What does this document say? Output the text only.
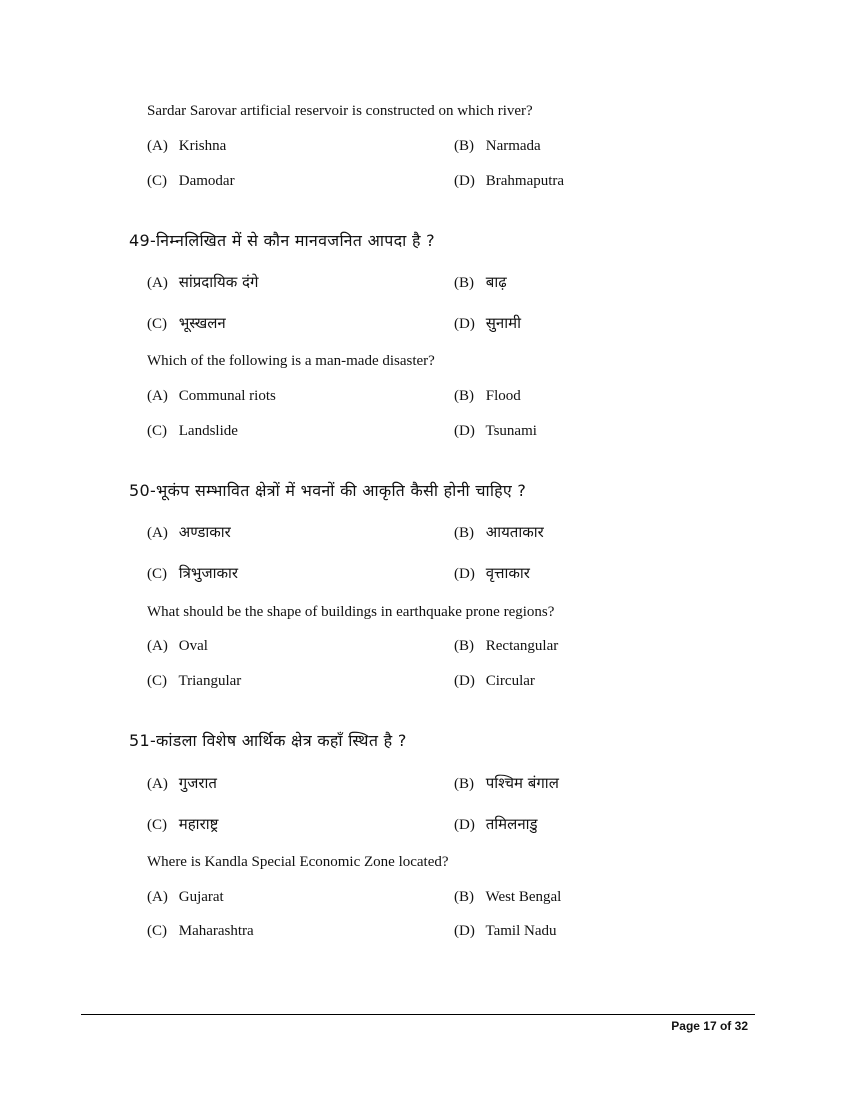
Sardar Sarovar artificial reservoir is constructed on which river?
(A) Krishna	(B) Narmada
(C) Damodar	(D) Brahmaputra
49-निम्नलिखित में से कौन मानवजनित आपदा है ?
(A) सांप्रदायिक दंगे	(B) बाढ़
(C) भूस्खलन	(D) सुनामी
Which of the following is a man-made disaster?
(A) Communal riots	(B) Flood
(C) Landslide	(D) Tsunami
50-भूकंप सम्भावित क्षेत्रों में भवनों की आकृति कैसी होनी चाहिए ?
(A) अण्डाकार	(B) आयताकार
(C) त्रिभुजाकार	(D) वृत्ताकार
What should be the shape of buildings in earthquake prone regions?
(A) Oval	(B) Rectangular
(C) Triangular	(D) Circular
51-कांडला विशेष आर्थिक क्षेत्र कहाँ स्थित है ?
(A) गुजरात	(B) पश्चिम बंगाल
(C) महाराष्ट्र	(D) तमिलनाडु
Where is Kandla Special Economic Zone located?
(A) Gujarat	(B) West Bengal
(C) Maharashtra	(D) Tamil Nadu
Page 17 of 32
